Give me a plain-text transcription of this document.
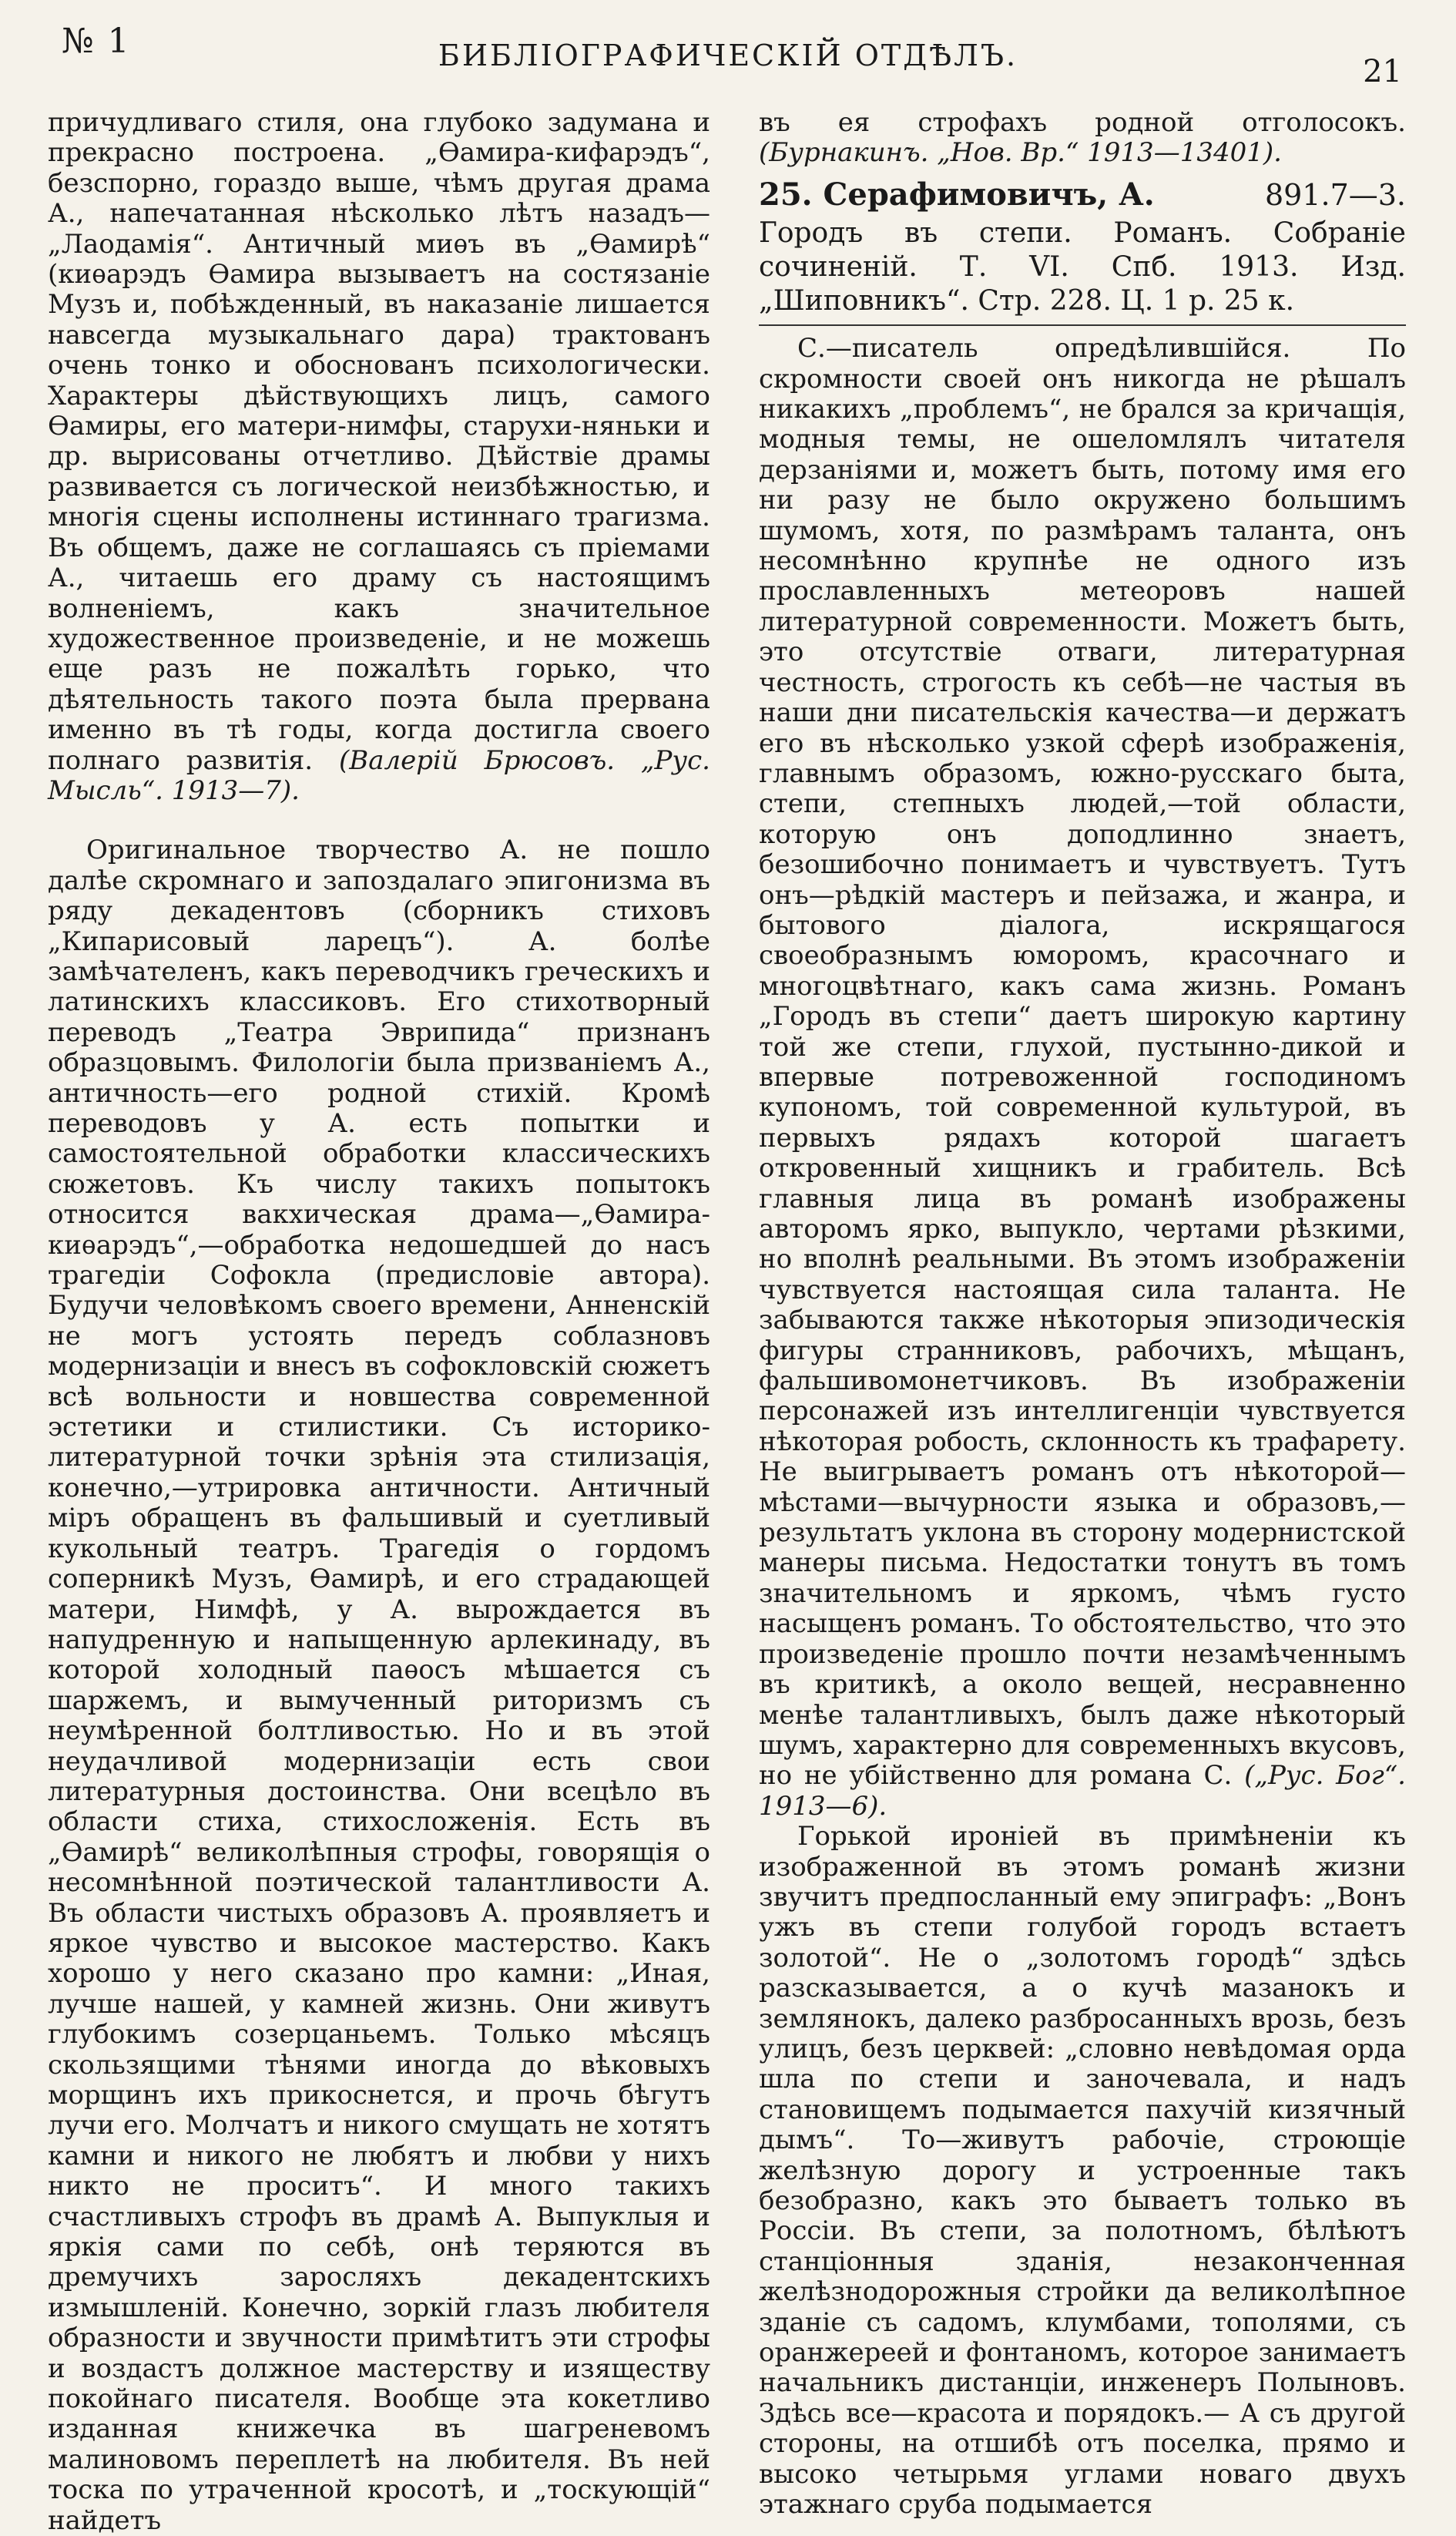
№ 1	БИБЛІОГРАФИЧЕСКІЙ ОТДѢЛЪ.	21

причудливаго стиля, она глубоко задумана и прекрасно построена. „Ѳамира-кифарэдъ“, безспорно, гораздо выше, чѣмъ другая драма А., напечатанная нѣсколько лѣтъ назадъ—„Лаодамія“. Античный миѳъ въ „Ѳамирѣ“ (киѳарэдъ Ѳамира вызываетъ на состязаніе Музъ и, побѣжденный, въ наказаніе лишается навсегда музыкальнаго дара) трактованъ очень тонко и обоснованъ психологически. Характеры дѣйствующихъ лицъ, самого Ѳамиры, его матери-нимфы, старухи-няньки и др. вырисованы отчетливо. Дѣйствіе драмы развивается съ логической неизбѣжностью, и многія сцены исполнены истиннаго трагизма. Въ общемъ, даже не соглашаясь съ пріемами А., читаешь его драму съ настоящимъ волненіемъ, какъ значительное художественное произведеніе, и не можешь еще разъ не пожалѣть горько, что дѣятельность такого поэта была прервана именно въ тѣ годы, когда достигла своего полнаго развитія. (Валерій Брюсовъ. „Рус. Мысль“. 1913—7).

Оригинальное творчество А. не пошло далѣе скромнаго и запоздалаго эпигонизма въ ряду декадентовъ (сборникъ стиховъ „Кипарисовый ларецъ“). А. болѣе замѣчателенъ, какъ переводчикъ греческихъ и латинскихъ классиковъ. Его стихотворный переводъ „Театра Эврипида“ признанъ образцовымъ. Филологіи была призваніемъ А., античность—его родной стихій. Кромѣ переводовъ у А. есть попытки и самостоятельной обработки классическихъ сюжетовъ. Къ числу такихъ попытокъ относится вакхическая драма—„Ѳамира-киѳарэдъ“,—обработка недошедшей до насъ трагедіи Софокла (предисловіе автора). Будучи человѣкомъ своего времени, Анненскій не могъ устоять передъ соблазновъ модернизаціи и внесъ въ софокловскій сюжетъ всѣ вольности и новшества современной эстетики и стилистики. Съ историко-литературной точки зрѣнія эта стилизація, конечно,—утрировка античности. Античный міръ обращенъ въ фальшивый и суетливый кукольный театръ. Трагедія о гордомъ соперникѣ Музъ, Ѳамирѣ, и его страдающей матери, Нимфѣ, у А. вырождается въ напудренную и напыщенную арлекинаду, въ которой холодный паѳосъ мѣшается съ шаржемъ, и вымученный риторизмъ съ неумѣренной болтливостью. Но и въ этой неудачливой модернизаціи есть свои литературныя достоинства. Они всецѣло въ области стиха, стихосложенія. Есть въ „Ѳамирѣ“ великолѣпныя строфы, говорящія о несомнѣнной поэтической талантливости А. Въ области чистыхъ образовъ А. проявляетъ и яркое чувство и высокое мастерство. Какъ хорошо у него сказано про камни: „Иная, лучше нашей, у камней жизнь. Они живутъ глубокимъ созерцаньемъ. Только мѣсяцъ скользящими тѣнями иногда до вѣковыхъ морщинъ ихъ прикоснется, и прочь бѣгутъ лучи его. Молчатъ и никого смущать не хотятъ камни и никого не любятъ и любви у нихъ никто не проситъ“. И много такихъ счастливыхъ строфъ въ драмѣ А. Выпуклыя и яркія сами по себѣ, онѣ теряются въ дремучихъ заросляхъ декадентскихъ измышленій. Конечно, зоркій глазъ любителя образности и звучности примѣтитъ эти строфы и воздастъ должное мастерству и изяществу покойнаго писателя. Вообще эта кокетливо изданная книжечка въ шагреневомъ малиновомъ переплетѣ на любителя. Въ ней тоска по утраченной кросотѣ, и „тоскующій“ найдетъ

въ ея строфахъ родной отголосокъ. (Бурнакинъ. „Нов. Вр.“ 1913—13401).

25. Серафимовичъ, А.	891.7—3.
Городъ въ степи. Романъ. Собраніе сочиненій. Т. VI. Спб. 1913. Изд. „Шиповникъ“. Стр. 228. Ц. 1 р. 25 к.

С.—писатель опредѣлившійся. По скромности своей онъ никогда не рѣшалъ никакихъ „проблемъ“, не брался за кричащія, модныя темы, не ошеломлялъ читателя дерзаніями и, можетъ быть, потому имя его ни разу не было окружено большимъ шумомъ, хотя, по размѣрамъ таланта, онъ несомнѣнно крупнѣе не одного изъ прославленныхъ метеоровъ нашей литературной современности. Можетъ быть, это отсутствіе отваги, литературная честность, строгость къ себѣ—не частыя въ наши дни писательскія качества—и держатъ его въ нѣсколько узкой сферѣ изображенія, главнымъ образомъ, южно-русскаго быта, степи, степныхъ людей,—той области, которую онъ доподлинно знаетъ, безошибочно понимаетъ и чувствуетъ. Тутъ онъ—рѣдкій мастеръ и пейзажа, и жанра, и бытового діалога, искрящагося своеобразнымъ юморомъ, красочнаго и многоцвѣтнаго, какъ сама жизнь. Романъ „Городъ въ степи“ даетъ широкую картину той же степи, глухой, пустынно-дикой и впервые потревоженной господиномъ купономъ, той современной культурой, въ первыхъ рядахъ которой шагаетъ откровенный хищникъ и грабитель. Всѣ главныя лица въ романѣ изображены авторомъ ярко, выпукло, чертами рѣзкими, но вполнѣ реальными. Въ этомъ изображеніи чувствуется настоящая сила таланта. Не забываются также нѣкоторыя эпизодическія фигуры странниковъ, рабочихъ, мѣщанъ, фальшивомонетчиковъ. Въ изображеніи персонажей изъ интеллигенціи чувствуется нѣкоторая робость, склонность къ трафарету. Не выигрываетъ романъ отъ нѣкоторой—мѣстами—вычурности языка и образовъ,—результатъ уклона въ сторону модернистской манеры письма. Недостатки тонутъ въ томъ значительномъ и яркомъ, чѣмъ густо насыщенъ романъ. То обстоятельство, что это произведеніе прошло почти незамѣченнымъ въ критикѣ, а около вещей, несравненно менѣе талантливыхъ, былъ даже нѣкоторый шумъ, характерно для современныхъ вкусовъ, но не убійственно для романа С. („Рус. Бог“. 1913—6).

Горькой ироніей въ примѣненіи къ изображенной въ этомъ романѣ жизни звучитъ предпосланный ему эпиграфъ: „Вонъ ужъ въ степи голубой городъ встаетъ золотой“. Не о „золотомъ городѣ“ здѣсь разсказывается, а о кучѣ мазанокъ и землянокъ, далеко разбросанныхъ врозь, безъ улицъ, безъ церквей: „словно невѣдомая орда шла по степи и заночевала, и надъ становищемъ подымается пахучій кизячный дымъ“. То—живутъ рабочіе, строющіе желѣзную дорогу и устроенные такъ безобразно, какъ это бываетъ только въ Россіи. Въ степи, за полотномъ, бѣлѣютъ станціонныя зданія, незаконченная желѣзнодорожныя стройки да великолѣпное зданіе съ садомъ, клумбами, тополями, съ оранжереей и фонтаномъ, которое занимаетъ начальникъ дистанціи, инженеръ Полыновъ. Здѣсь все—красота и порядокъ.— А съ другой стороны, на отшибѣ отъ поселка, прямо и высоко четырьмя углами новаго двухъ этажнаго сруба подымается
